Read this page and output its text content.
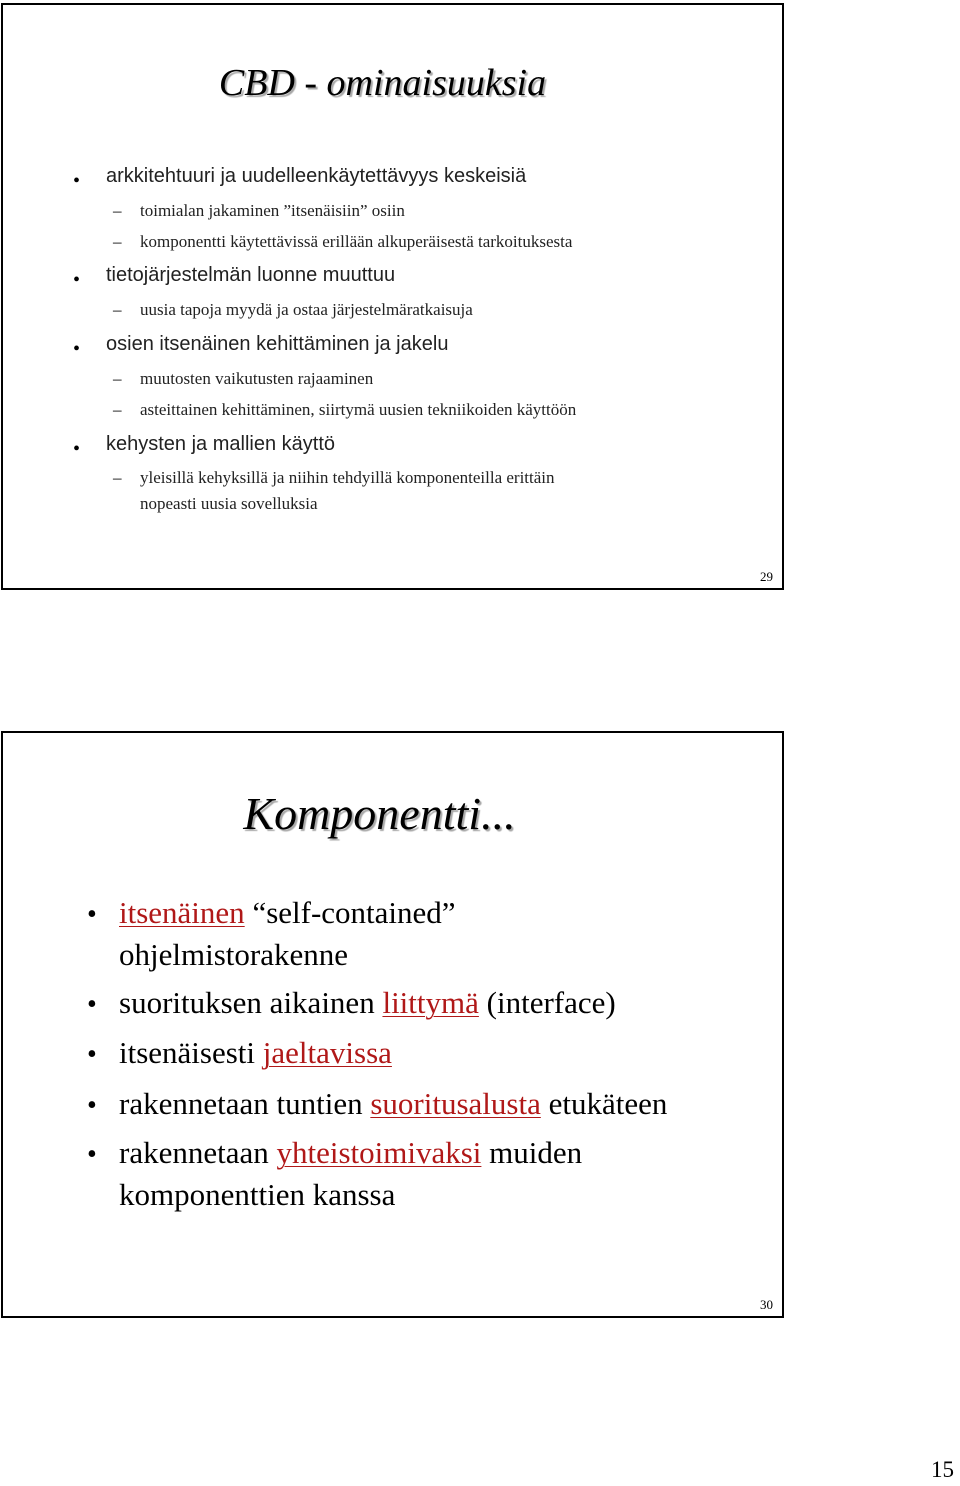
CBD - ominaisuuksia
• arkkitehtuuri ja uudelleenkäytettävyys keskeisiä

– toimialan jakaminen ”itsenäisiin” osiin

– komponentti käytettävissä erillään alkuperäisestä tarkoituksesta

• tietojärjestelmän luonne muuttuu

– uusia tapoja myydä ja ostaa järjestelmäratkaisuja

• osien itsenäinen kehittäminen ja jakelu

– muutosten vaikutusten rajaaminen

– asteittainen kehittäminen, siirtymä uusien tekniikoiden käyttöön

• kehysten ja mallien käyttö

– yleisillä kehyksillä ja niihin tehdyillä komponenteilla erittäin

nopeasti uusia sovelluksia

29
Komponentti...
• itsenäinen “self-contained”

ohjelmistorakenne

• suorituksen aikainen liittymä (interface)

• itsenäisesti jaeltavissa

• rakennetaan tuntien suoritusalusta etukäteen

• rakennetaan yhteistoimivaksi muiden

komponenttien kanssa

30
15
